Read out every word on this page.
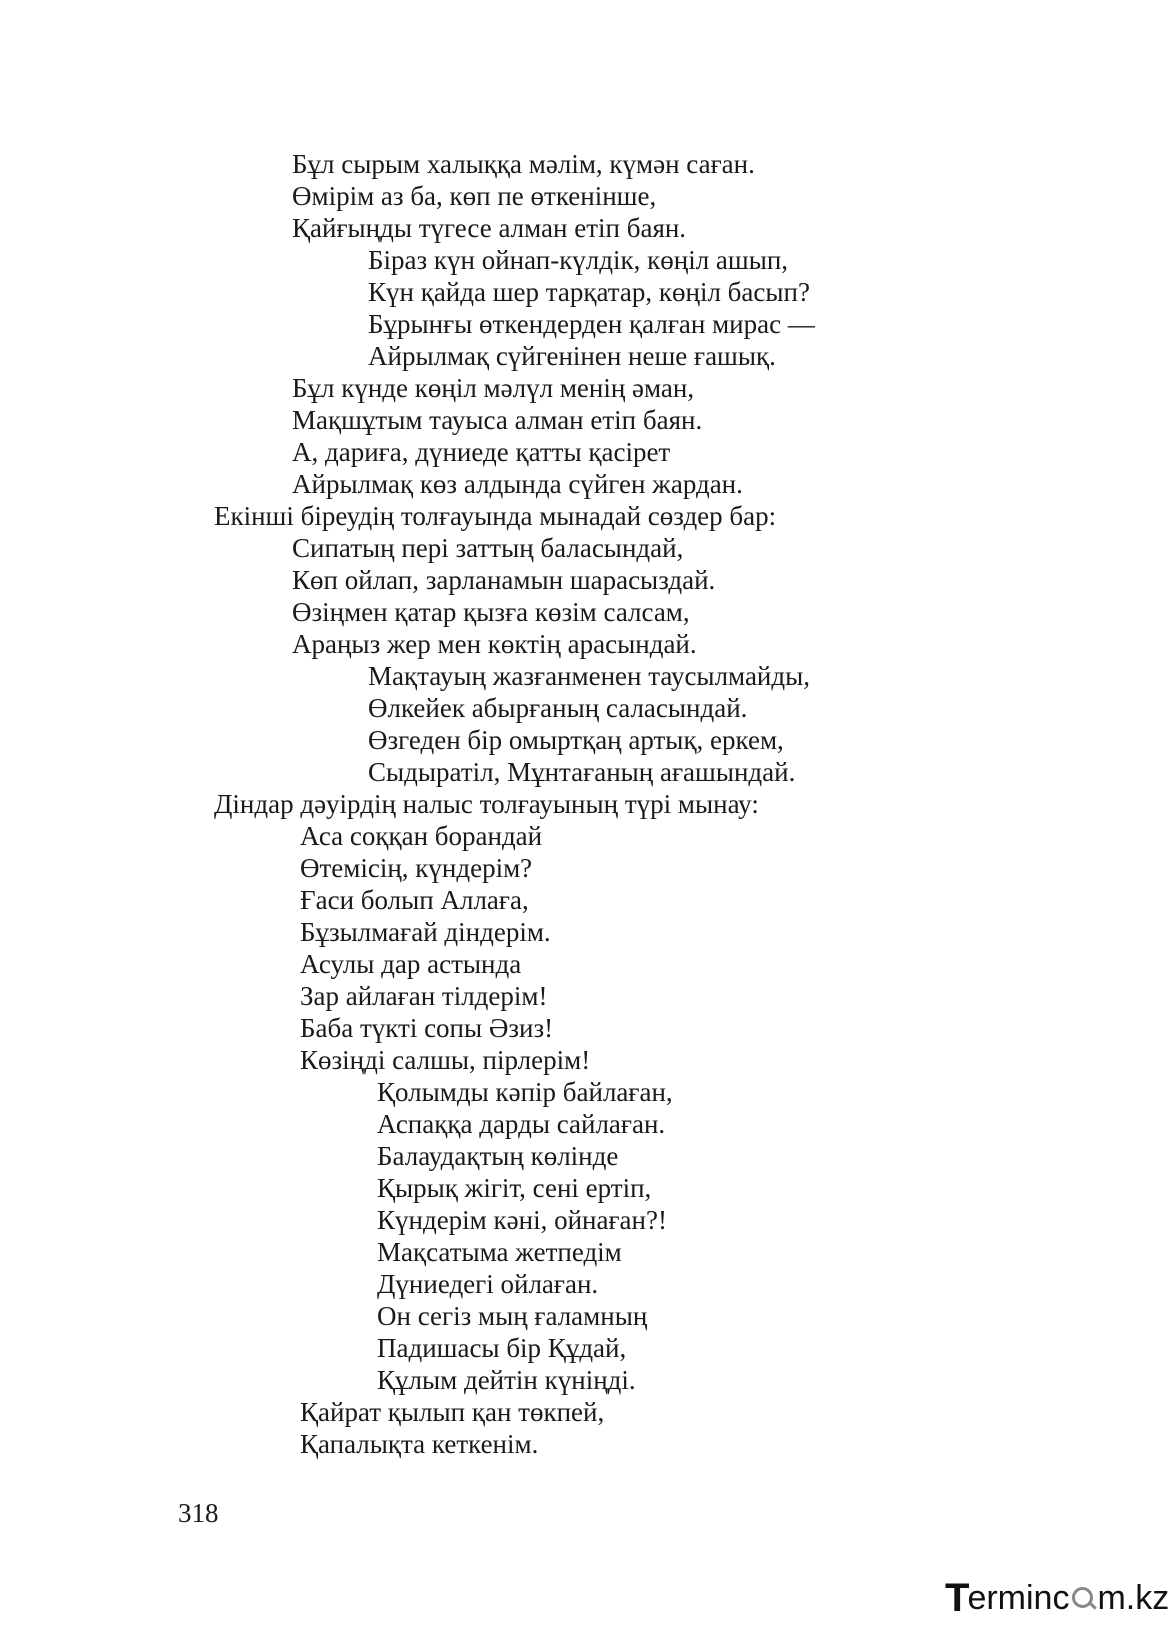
Бұл сырым халыққа мәлім, күмән саған.
Өмірім аз ба, көп пе өткенінше,
Қайғыңды түгесе алман етіп баян.
Біраз күн ойнап-күлдік, көңіл ашып,
Күн қайда шер тарқатар, көңіл басып?
Бұрынғы өткендерден қалған мирас —
Айрылмақ сүйгенінен неше ғашық.
Бұл күнде көңіл мәлүл менің әман,
Мақшұтым тауыса алман етіп баян.
А, дариға, дүниеде қатты қасірет
Айрылмақ көз алдында сүйген жардан.
Екінші біреудің толғауында мынадай сөздер бар:
Сипатың пері заттың баласындай,
Көп ойлап, зарланамын шарасыздай.
Өзіңмен қатар қызға көзім салсам,
Араңыз жер мен көктің арасындай.
Мақтауың жазғанменен таусылмайды,
Өлкейек абырғаның саласындай.
Өзгеден бір омыртқаң артық, еркем,
Сыдыратіл, Мұнтағаның ағашындай.
Діндар дәуірдің налыс толғауының түрі мынау:
Аса соққан борандай
Өтемісің, күндерім?
Ғаси болып Аллаға,
Бұзылмағай діндерім.
Асулы дар астында
Зар айлаған тілдерім!
Баба түкті сопы Әзиз!
Көзіңді салшы, пірлерім!
Қолымды кәпір байлаған,
Аспаққа дарды сайлаған.
Балаудақтың көлінде
Қырық жігіт, сені ертіп,
Күндерім кәні, ойнаған?!
Мақсатыма жетпедім
Дүниедегі ойлаған.
Он сегіз мың ғаламның
Падишасы бір Құдай,
Құлым дейтін күніңді.
Қайрат қылып қан төкпей,
Қапалықта кеткенім.
318
T ermin c m.kz
